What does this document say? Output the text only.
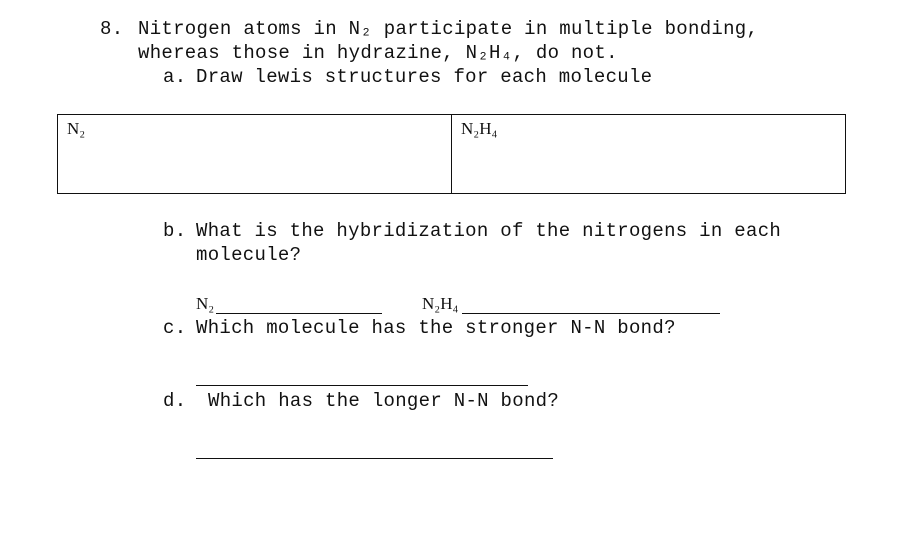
8. Nitrogen atoms in N₂ participate in multiple bonding,
whereas those in hydrazine, N₂H₄, do not.
a. Draw lewis structures for each molecule
N₂	N₂H₄
b. What is the hybridization of the nitrogens in each
molecule?
N₂	N₂H₄
c. Which molecule has the stronger N-N bond?
d. Which has the longer N-N bond?
